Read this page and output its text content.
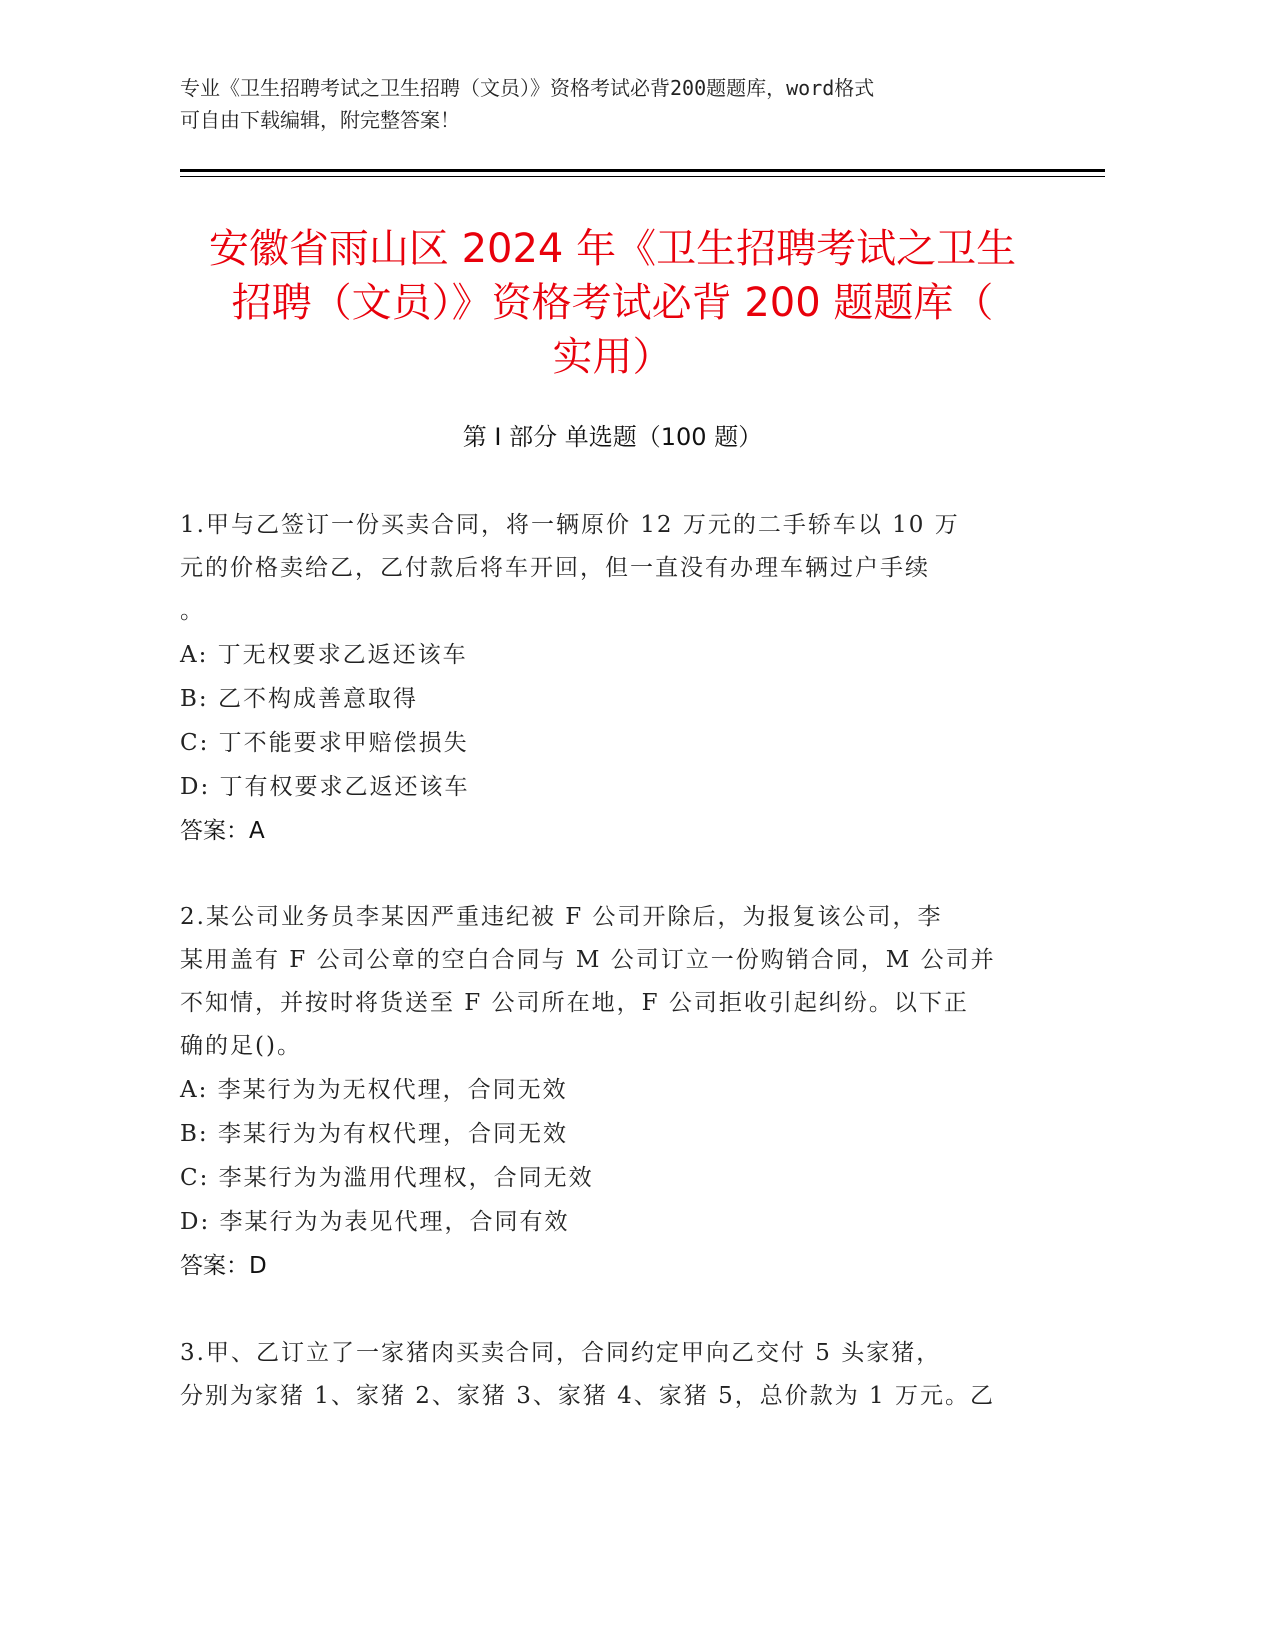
专业《卫生招聘考试之卫生招聘（文员）》资格考试必背200题题库，word格式
可自由下载编辑，附完整答案！
安徽省雨山区 2024 年《卫生招聘考试之卫生
招聘（文员）》资格考试必背 200 题题库（
实用）
第 I 部分 单选题（100 题）

1.甲与乙签订一份买卖合同，将一辆原价 12 万元的二手轿车以 10 万

元的价格卖给乙，乙付款后将车开回，但一直没有办理车辆过户手续

。

A: 丁无权要求乙返还该车

B: 乙不构成善意取得

C: 丁不能要求甲赔偿损失

D: 丁有权要求乙返还该车

答案：A

2.某公司业务员李某因严重违纪被 F 公司开除后，为报复该公司，李

某用盖有 F 公司公章的空白合同与 M 公司订立一份购销合同，M 公司并

不知情，并按时将货送至 F 公司所在地，F 公司拒收引起纠纷。以下正

确的足()。

A: 李某行为为无权代理，合同无效

B: 李某行为为有权代理，合同无效

C: 李某行为为滥用代理权，合同无效

D: 李某行为为表见代理，合同有效

答案：D

3.甲、乙订立了一家猪肉买卖合同，合同约定甲向乙交付 5 头家猪，

分别为家猪 1、家猪 2、家猪 3、家猪 4、家猪 5，总价款为 1 万元。乙
